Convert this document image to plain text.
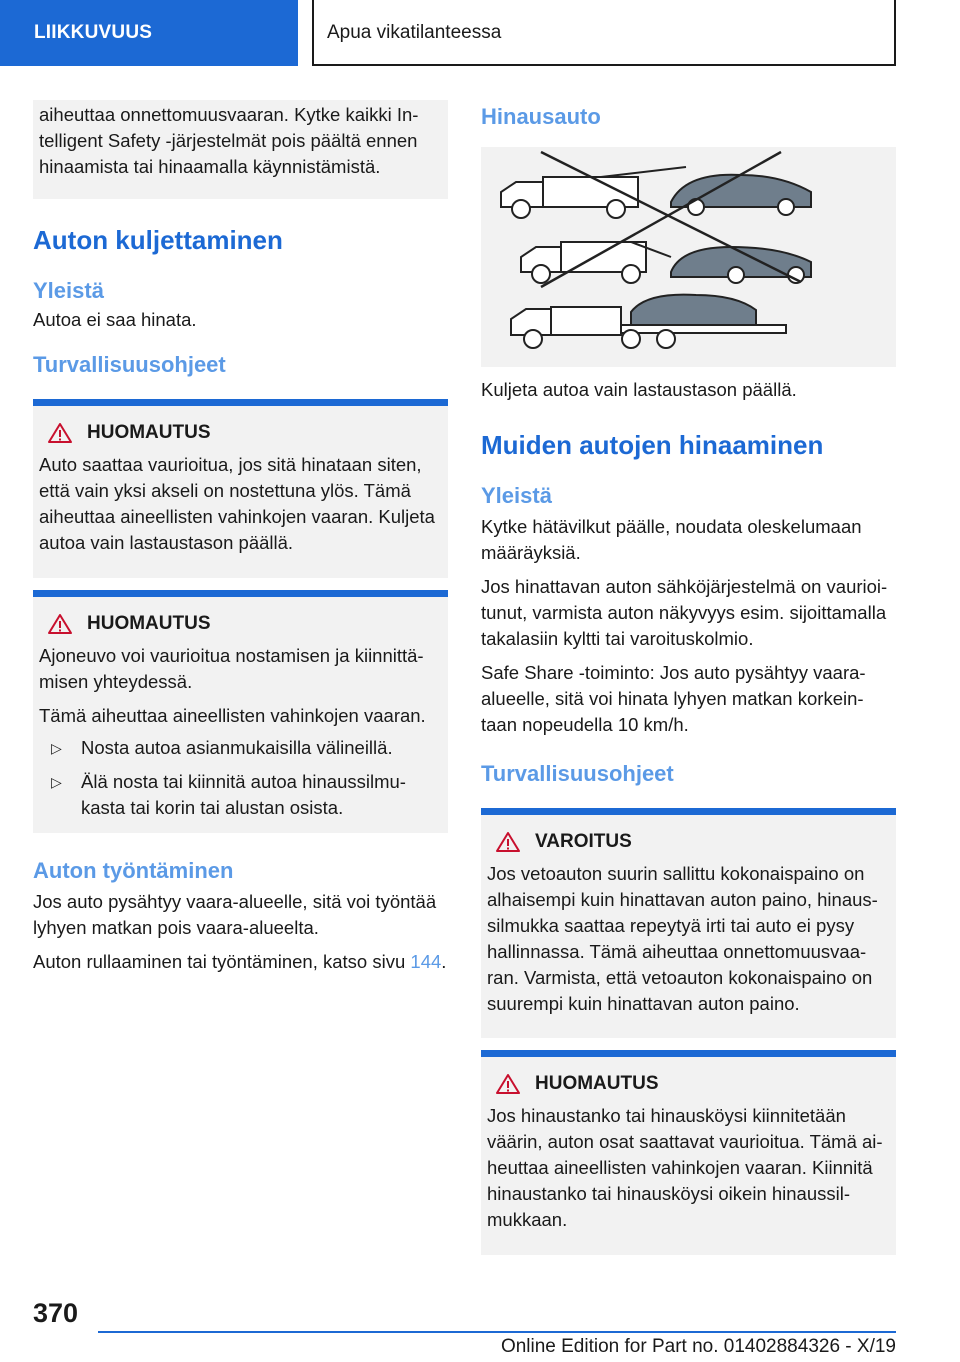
LIIKKUVUUS	Apua vikatilanteessa

aiheuttaa onnettomuusvaaran. Kytke kaikki In-telligent Safety -järjestelmät pois päältä ennen hinaamista tai hinaamalla käynnistämistä.

Auton kuljettaminen
Yleistä

Autoa ei saa hinata.

Turvallisuusohjeet
HUOMAUTUS

Auto saattaa vaurioitua, jos sitä hinataan siten, että vain yksi akseli on nostettuna ylös. Tämä aiheuttaa aineellisten vahinkojen vaaran. Kuljeta autoa vain lastaustason päällä.

HUOMAUTUS

Ajoneuvo voi vaurioitua nostamisen ja kiinnittä-misen yhteydessä.

Tämä aiheuttaa aineellisten vahinkojen vaaran.

▷	Nosta autoa asianmukaisilla välineillä.
▷	Älä nosta tai kiinnitä autoa hinaussilmu-kasta tai korin tai alustan osista.
Auton työntäminen

Jos auto pysähtyy vaara-alueelle, sitä voi työntää lyhyen matkan pois vaara-alueelta.

Auton rullaaminen tai työntäminen, katso sivu 144.

Hinausauto

Kuljeta autoa vain lastaustason päällä.

Muiden autojen hinaaminen
Yleistä

Kytke hätävilkut päälle, noudata oleskelumaan määräyksiä.

Jos hinattavan auton sähköjärjestelmä on vaurioi-tunut, varmista auton näkyvyys esim. sijoittamalla takalasiin kyltti tai varoituskolmio.

Safe Share -toiminto: Jos auto pysähtyy vaara-alueelle, sitä voi hinata lyhyen matkan korkein-taan nopeudella 10 km/h.

Turvallisuusohjeet
VAROITUS

Jos vetoauton suurin sallittu kokonaispaino on alhaisempi kuin hinattavan auton paino, hinaus-silmukka saattaa repeytyä irti tai auto ei pysy hallinnassa. Tämä aiheuttaa onnettomuusvaa-ran. Varmista, että vetoauton kokonaispaino on suurempi kuin hinattavan auton paino.

HUOMAUTUS

Jos hinaustanko tai hinausköysi kiinnitetään väärin, auton osat saattavat vaurioitua. Tämä ai-heuttaa aineellisten vahinkojen vaaran. Kiinnitä hinaustanko tai hinausköysi oikein hinaussil-mukkaan.

370
Online Edition for Part no. 01402884326 - X/19
